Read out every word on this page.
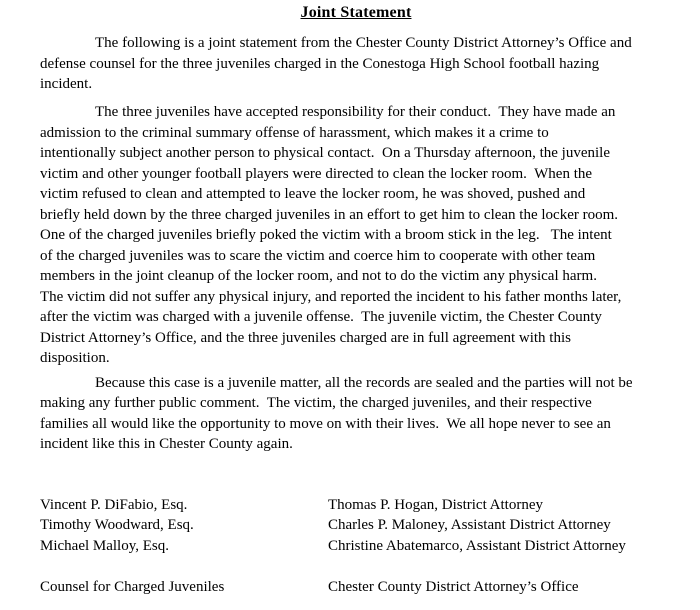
Joint Statement
The following is a joint statement from the Chester County District Attorney’s Office and
defense counsel for the three juveniles charged in the Conestoga High School football hazing
incident.
The three juveniles have accepted responsibility for their conduct.  They have made an
admission to the criminal summary offense of harassment, which makes it a crime to
intentionally subject another person to physical contact.  On a Thursday afternoon, the juvenile
victim and other younger football players were directed to clean the locker room.  When the
victim refused to clean and attempted to leave the locker room, he was shoved, pushed and
briefly held down by the three charged juveniles in an effort to get him to clean the locker room.
One of the charged juveniles briefly poked the victim with a broom stick in the leg.   The intent
of the charged juveniles was to scare the victim and coerce him to cooperate with other team
members in the joint cleanup of the locker room, and not to do the victim any physical harm.
The victim did not suffer any physical injury, and reported the incident to his father months later,
after the victim was charged with a juvenile offense.  The juvenile victim, the Chester County
District Attorney’s Office, and the three juveniles charged are in full agreement with this
disposition.
Because this case is a juvenile matter, all the records are sealed and the parties will not be
making any further public comment.  The victim, the charged juveniles, and their respective
families all would like the opportunity to move on with their lives.  We all hope never to see an
incident like this in Chester County again.
Vincent P. DiFabio, Esq.
Timothy Woodward, Esq.
Michael Malloy, Esq.
Counsel for Charged Juveniles
Thomas P. Hogan, District Attorney
Charles P. Maloney, Assistant District Attorney
Christine Abatemarco, Assistant District Attorney
Chester County District Attorney’s Office
